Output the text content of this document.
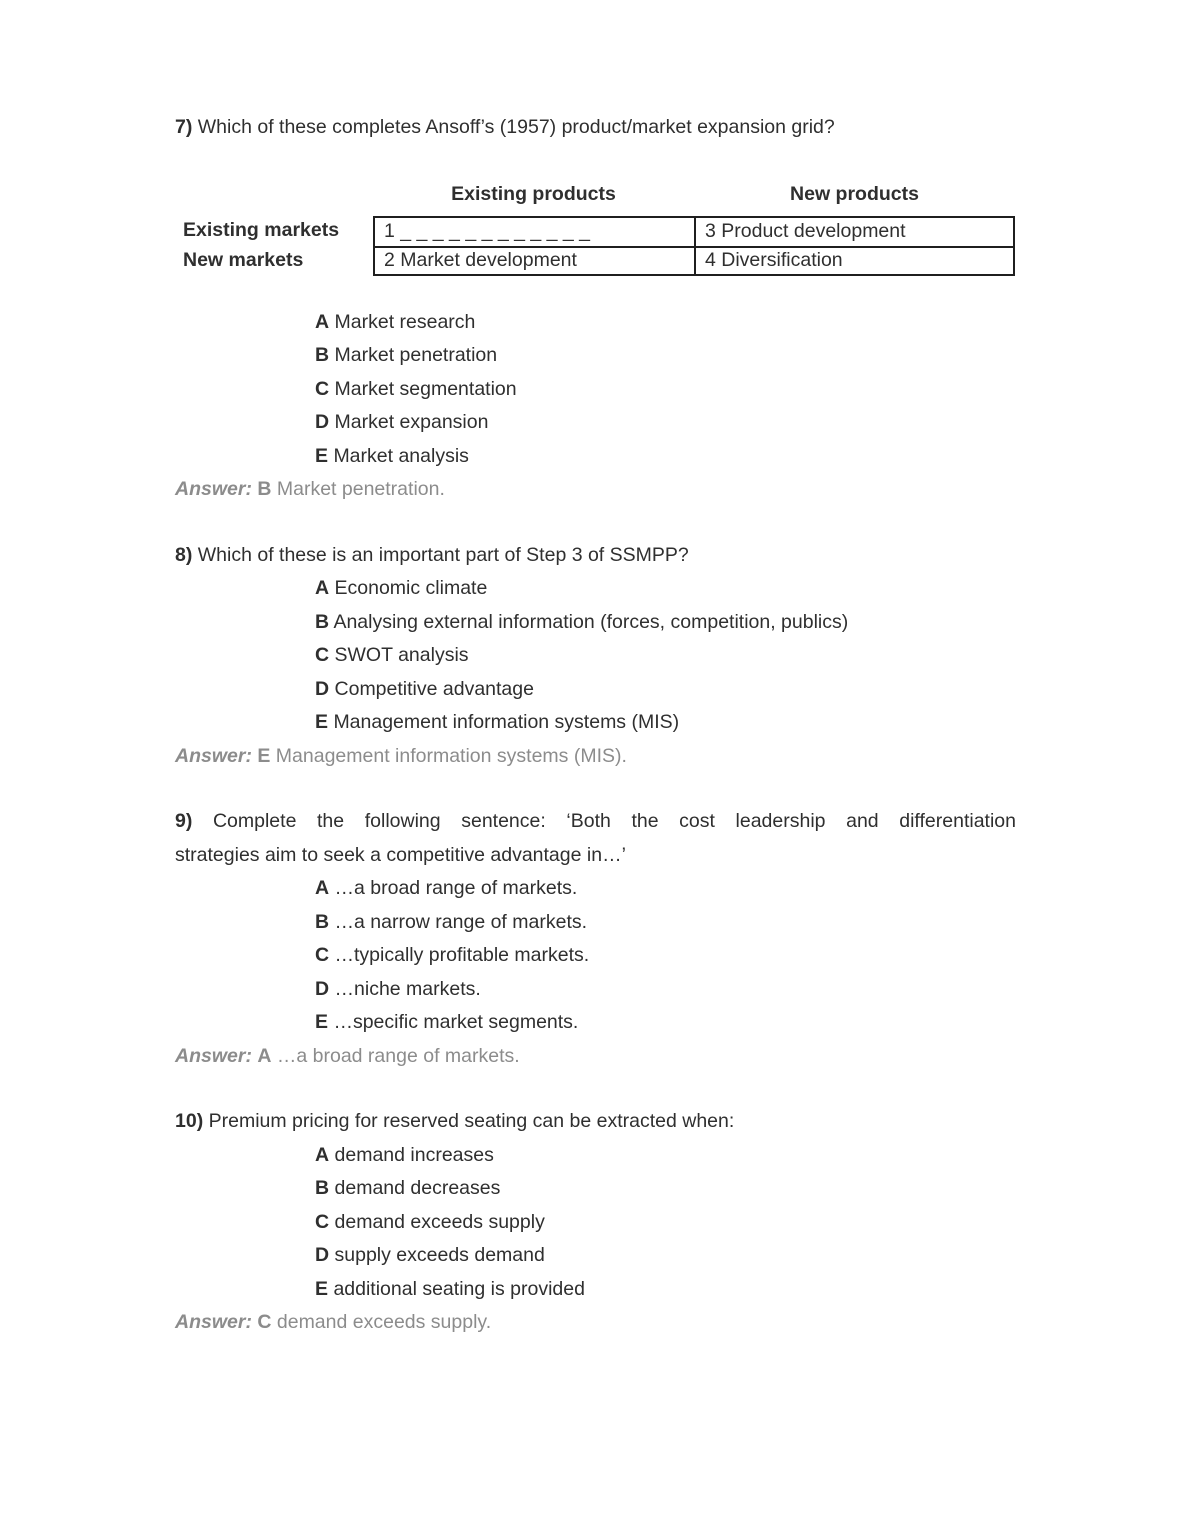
7) Which of these completes Ansoff’s (1957) product/market expansion grid?
Existing products	New products
Existing markets	1 _ _ _ _ _ _ _ _ _ _ _ _	3 Product development
New markets	2 Market development	4 Diversification
A Market research
B Market penetration
C Market segmentation
D Market expansion
E Market analysis
Answer: B Market penetration.
8) Which of these is an important part of Step 3 of SSMPP?
A Economic climate
B Analysing external information (forces, competition, publics)
C SWOT analysis
D Competitive advantage
E Management information systems (MIS)
Answer: E Management information systems (MIS).
9) Complete the following sentence: ‘Both the cost leadership and differentiation
strategies aim to seek a competitive advantage in…’
A …a broad range of markets.
B …a narrow range of markets.
C …typically profitable markets.
D …niche markets.
E …specific market segments.
Answer: A …a broad range of markets.
10) Premium pricing for reserved seating can be extracted when:
A demand increases
B demand decreases
C demand exceeds supply
D supply exceeds demand
E additional seating is provided
Answer: C demand exceeds supply.
